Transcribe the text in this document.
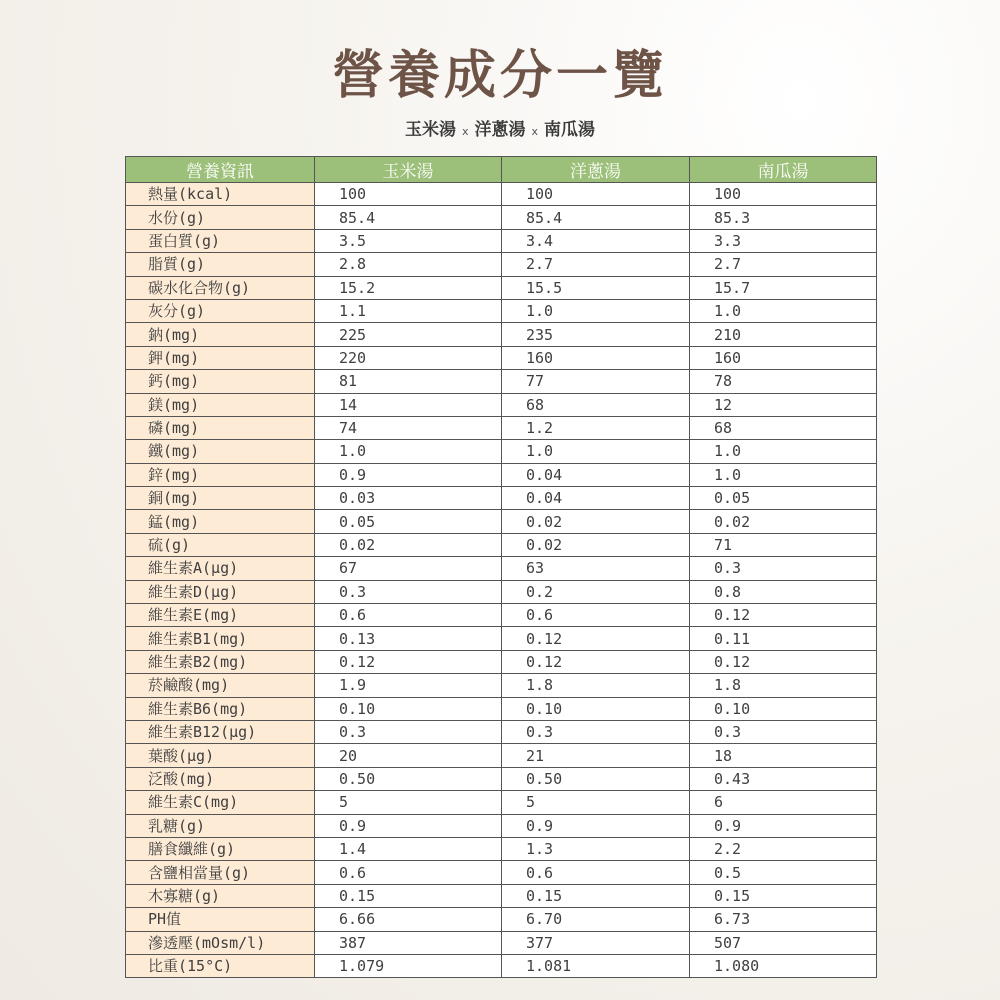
營養成分一覽
玉米湯 x 洋蔥湯 x 南瓜湯
營養資訊	玉米湯	洋蔥湯	南瓜湯
熱量(kcal)	100	100	100
水份(g)	85.4	85.4	85.3
蛋白質(g)	3.5	3.4	3.3
脂質(g)	2.8	2.7	2.7
碳水化合物(g)	15.2	15.5	15.7
灰分(g)	1.1	1.0	1.0
鈉(mg)	225	235	210
鉀(mg)	220	160	160
鈣(mg)	81	77	78
鎂(mg)	14	68	12
磷(mg)	74	1.2	68
鐵(mg)	1.0	1.0	1.0
鋅(mg)	0.9	0.04	1.0
銅(mg)	0.03	0.04	0.05
錳(mg)	0.05	0.02	0.02
硫(g)	0.02	0.02	71
維生素A(μg)	67	63	0.3
維生素D(μg)	0.3	0.2	0.8
維生素E(mg)	0.6	0.6	0.12
維生素B1(mg)	0.13	0.12	0.11
維生素B2(mg)	0.12	0.12	0.12
菸鹼酸(mg)	1.9	1.8	1.8
維生素B6(mg)	0.10	0.10	0.10
維生素B12(μg)	0.3	0.3	0.3
葉酸(μg)	20	21	18
泛酸(mg)	0.50	0.50	0.43
維生素C(mg)	5	5	6
乳糖(g)	0.9	0.9	0.9
膳食纖維(g)	1.4	1.3	2.2
含鹽相當量(g)	0.6	0.6	0.5
木寡糖(g)	0.15	0.15	0.15
PH值	6.66	6.70	6.73
滲透壓(mOsm/l)	387	377	507
比重(15°C)	1.079	1.081	1.080
